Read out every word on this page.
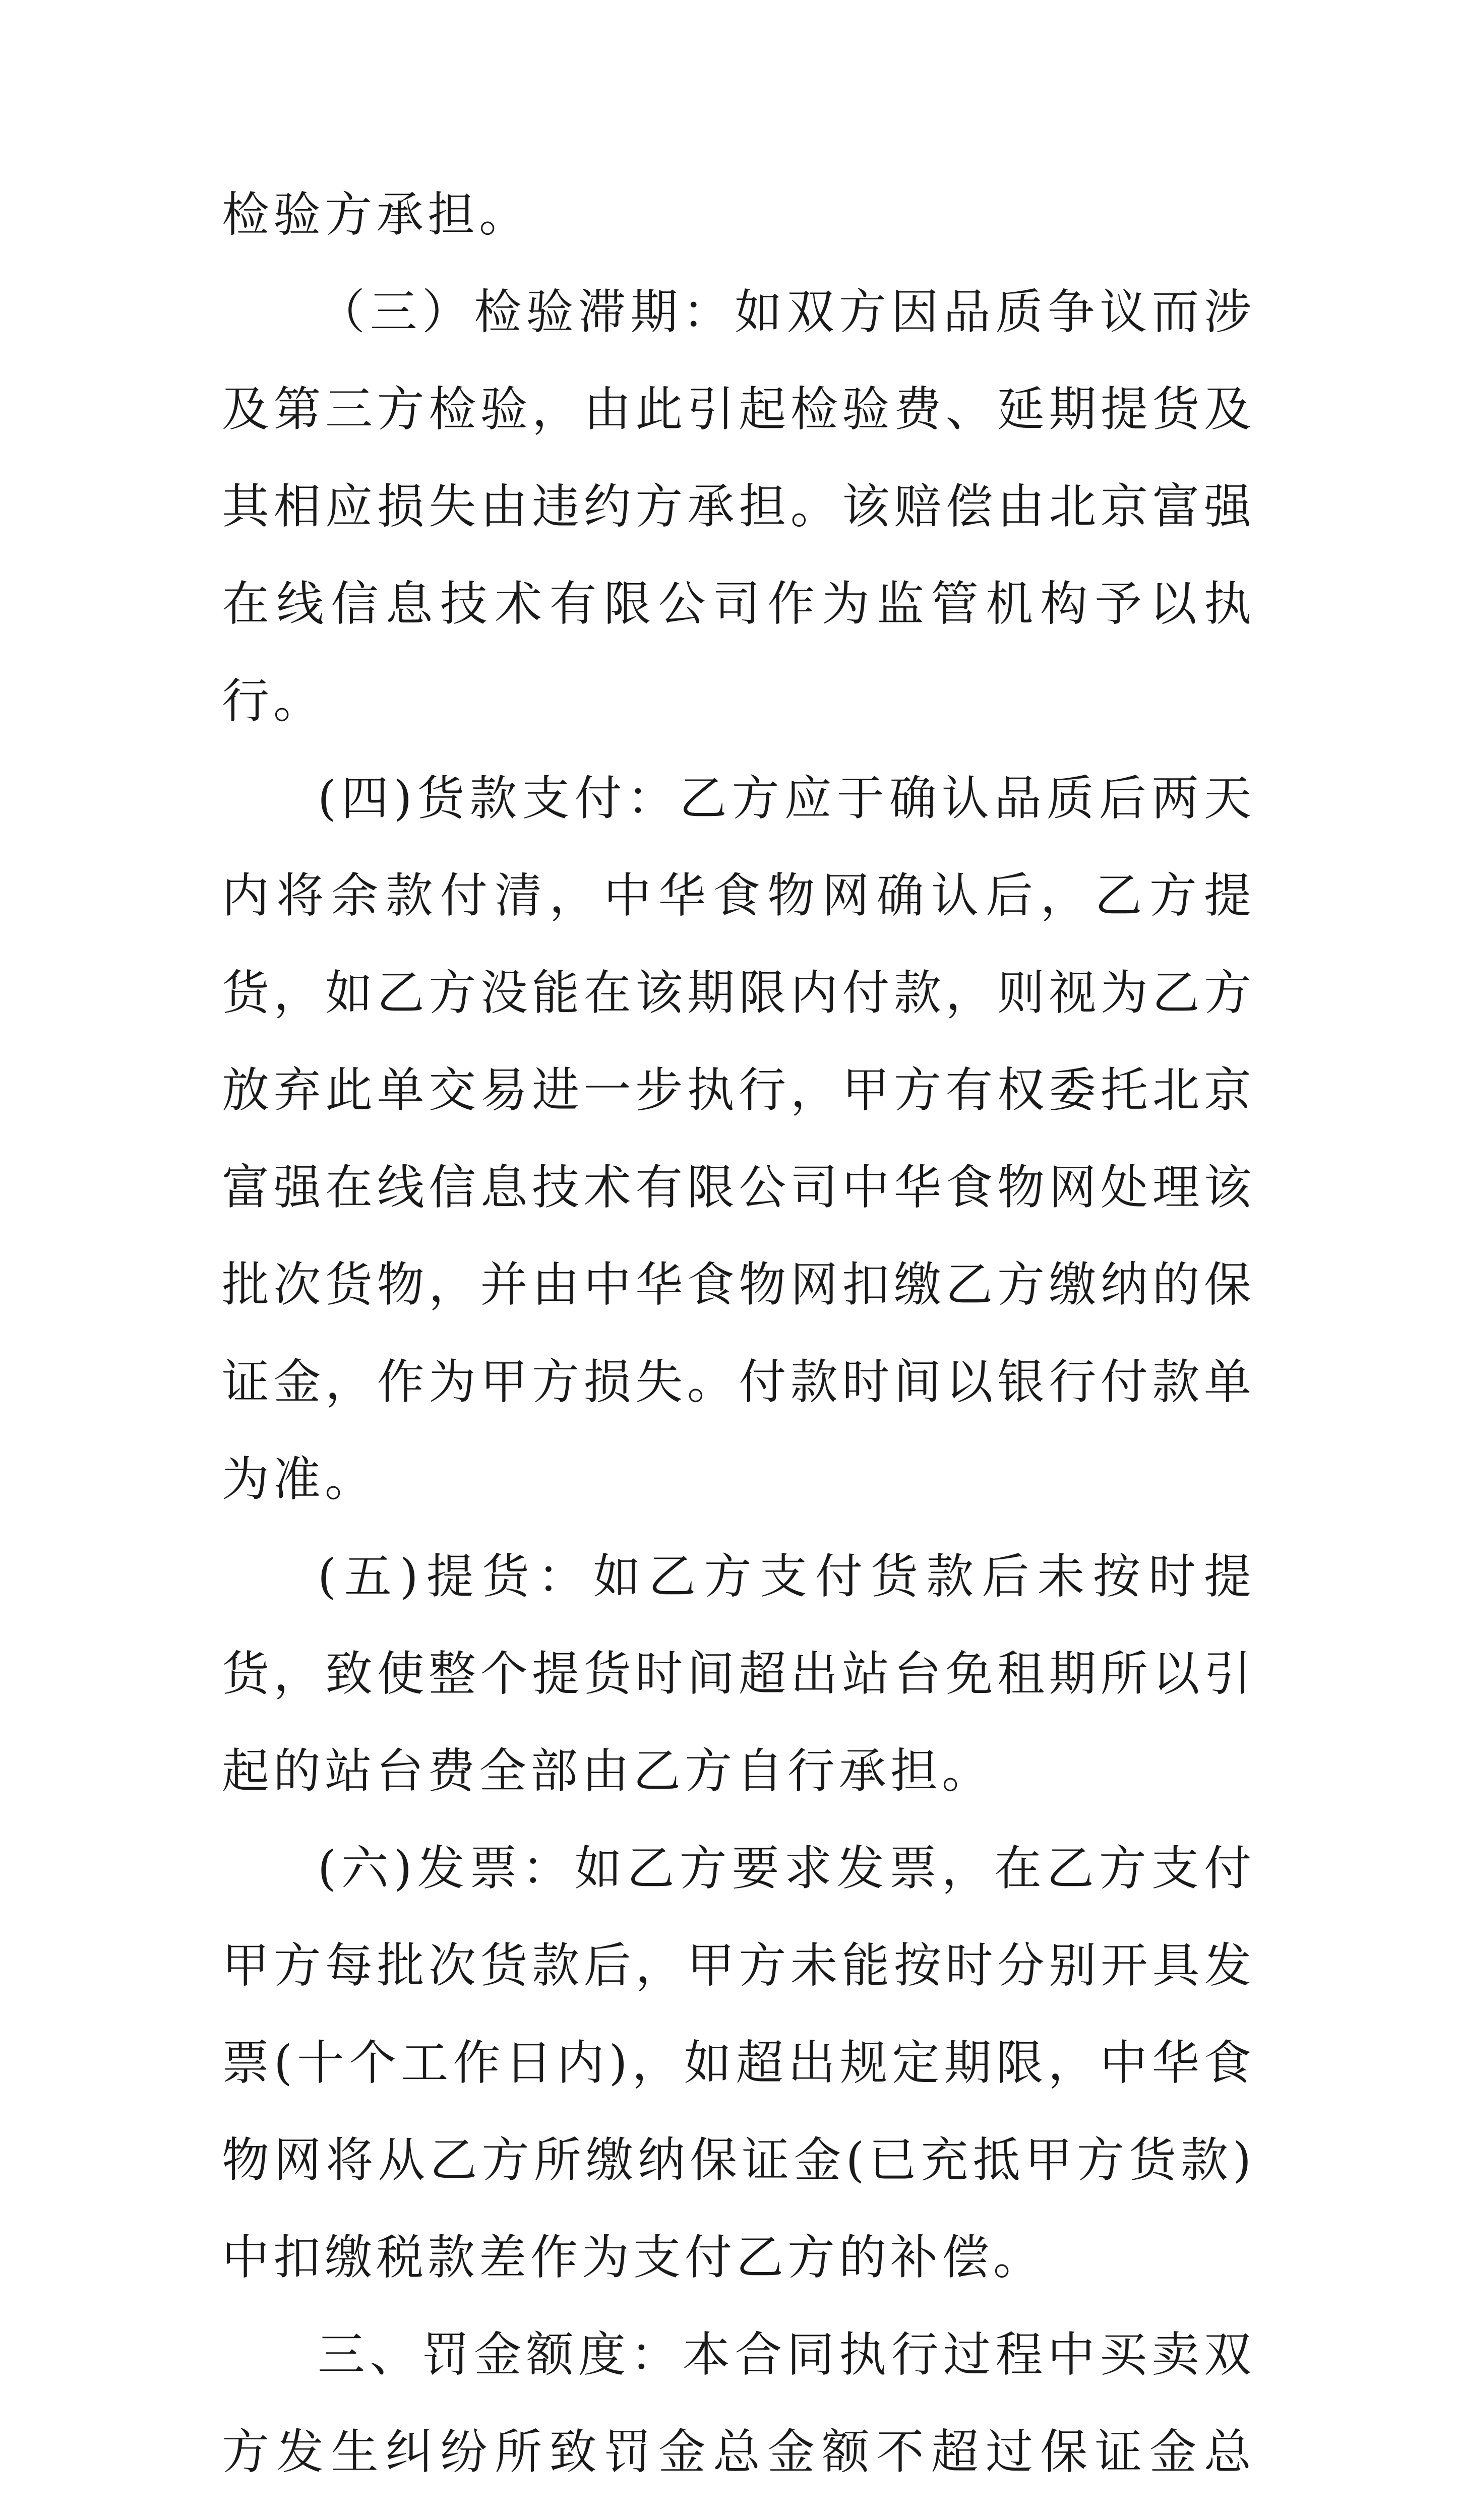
检验方承担。

（三）检验滞期：如双方因品质争议而涉及第三方检验，由此引起检验费、延期提货及其相应损失由违约方承担。该赔偿由北京富强在线信息技术有限公司作为监管机构予以执行。

(四)货款支付：乙方应于确认品质后两天内将余款付清，中华食物网确认后，乙方提货，如乙方没能在该期限内付款，则视为乙方放弃此单交易进一步执行，甲方有权委托北京富强在线信息技术有限公司中华食物网处理该批次货物，并由中华食物网扣缴乙方缴纳的保证金，作为甲方损失。付款时间以银行付款单为准。

(五)提货：如乙方支付货款后未按时提货，致使整个提货时间超出站台免租期所以引起的站台费全部由乙方自行承担。

(六)发票：如乙方要求发票，在乙方支付甲方每批次货款后，甲方未能按时分别开具发票(十个工作日内)，如超出规定期限，中华食物网将从乙方所缴纳保证金(已充抵甲方货款)中扣缴税款差作为支付乙方的补偿。

三、罚金额度：本合同执行过程中买卖双方发生纠纷所致罚金总金额不超过保证金总
